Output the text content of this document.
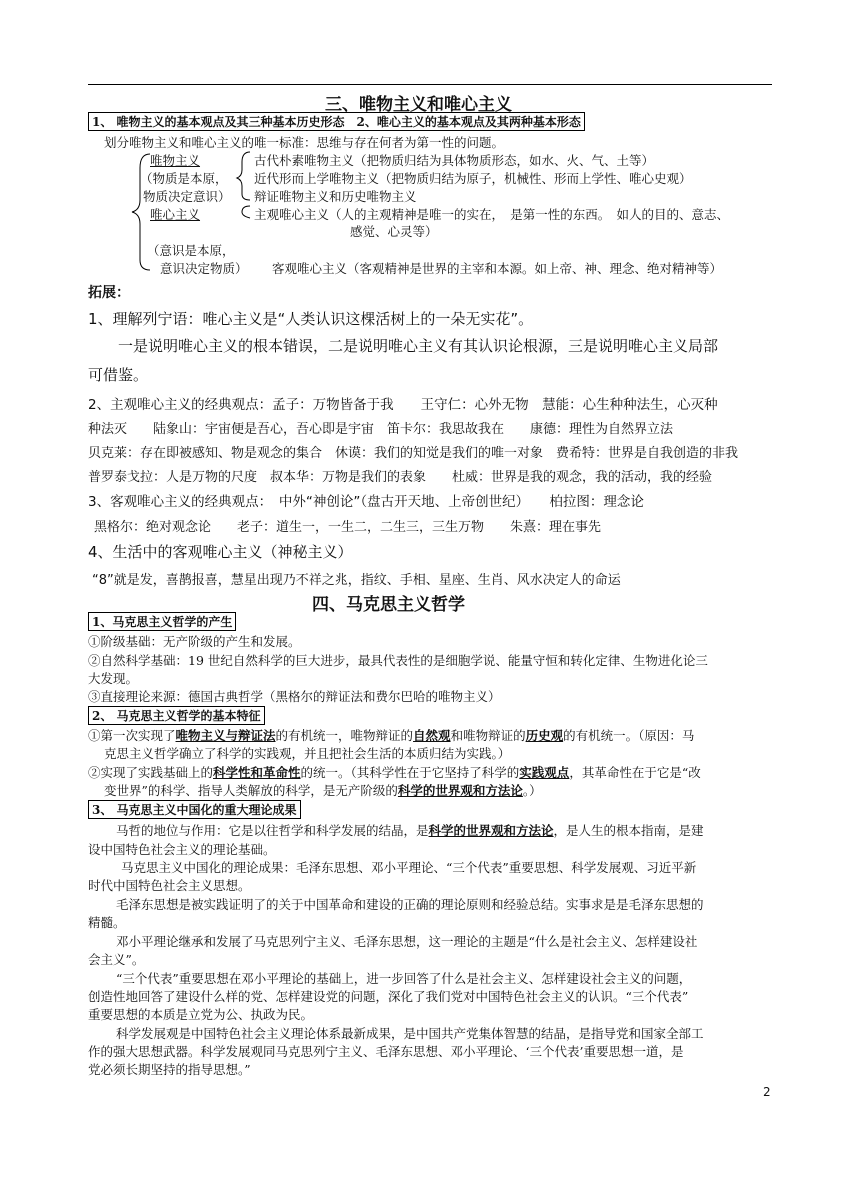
三、唯物主义和唯心主义
1、 唯物主义的基本观点及其三种基本历史形态　2、唯心主义的基本观点及其两种基本形态
划分唯物主义和唯心主义的唯一标准：思维与存在何者为第一性的问题。
唯物主义
（物质是本原，
物质决定意识）
唯心主义
（意识是本原，
意识决定物质）
古代朴素唯物主义（把物质归结为具体物质形态，如水、火、气、土等）
近代形而上学唯物主义（把物质归结为原子，机械性、形而上学性、唯心史观）
辩证唯物主义和历史唯物主义
主观唯心主义（人的主观精神是唯一的实在，　是第一性的东西。　如人的目的、意志、
感觉、心灵等）
客观唯心主义（客观精神是世界的主宰和本源。如上帝、神、理念、绝对精神等）
拓展：
1、理解列宁语：唯心主义是“人类认识这棵活树上的一朵无实花”。
一是说明唯心主义的根本错误，二是说明唯心主义有其认识论根源，三是说明唯心主义局部
可借鉴。
2、主观唯心主义的经典观点：孟子：万物皆备于我　　王守仁：心外无物　慧能：心生种种法生，心灭种
种法灭　　陆象山：宇宙便是吾心，吾心即是宇宙　笛卡尔：我思故我在　　康德：理性为自然界立法
贝克莱：存在即被感知、物是观念的集合　休谟：我们的知觉是我们的唯一对象　费希特：世界是自我创造的非我
普罗泰戈拉：人是万物的尺度　叔本华：万物是我们的表象　　杜威：世界是我的观念，我的活动，我的经验
3、客观唯心主义的经典观点：　中外“神创论”（盘古开天地、上帝创世纪）　　柏拉图：理念论
黑格尔：绝对观念论　　老子：道生一，一生二，二生三，三生万物　　朱熹：理在事先
4、生活中的客观唯心主义（神秘主义）
“8”就是发，喜鹊报喜，慧星出现乃不祥之兆，指纹、手相、星座、生肖、风水决定人的命运
四、马克思主义哲学
1、马克思主义哲学的产生
①阶级基础：无产阶级的产生和发展。
②自然科学基础：19 世纪自然科学的巨大进步，最具代表性的是细胞学说、能量守恒和转化定律、生物进化论三
大发现。
③直接理论来源：德国古典哲学（黑格尔的辩证法和费尔巴哈的唯物主义）
2、 马克思主义哲学的基本特征
①第一次实现了唯物主义与辩证法的有机统一，唯物辩证的自然观和唯物辩证的历史观的有机统一。（原因：马
克思主义哲学确立了科学的实践观，并且把社会生活的本质归结为实践。）
②实现了实践基础上的科学性和革命性的统一。（其科学性在于它坚持了科学的实践观点，其革命性在于它是“改
变世界”的科学、指导人类解放的科学，是无产阶级的科学的世界观和方法论。）
3、 马克思主义中国化的重大理论成果
马哲的地位与作用：它是以往哲学和科学发展的结晶，是科学的世界观和方法论，是人生的根本指南，是建
设中国特色社会主义的理论基础。
马克思主义中国化的理论成果：毛泽东思想、邓小平理论、“三个代表”重要思想、科学发展观、习近平新
时代中国特色社会主义思想。
毛泽东思想是被实践证明了的关于中国革命和建设的正确的理论原则和经验总结。实事求是是毛泽东思想的
精髓。
邓小平理论继承和发展了马克思列宁主义、毛泽东思想，这一理论的主题是“什么是社会主义、怎样建设社
会主义”。
“三个代表”重要思想在邓小平理论的基础上，进一步回答了什么是社会主义、怎样建设社会主义的问题，
创造性地回答了建设什么样的党、怎样建设党的问题，深化了我们党对中国特色社会主义的认识。“三个代表”
重要思想的本质是立党为公、执政为民。
科学发展观是中国特色社会主义理论体系最新成果，是中国共产党集体智慧的结晶，是指导党和国家全部工
作的强大思想武器。科学发展观同马克思列宁主义、毛泽东思想、邓小平理论、‘三个代表’重要思想一道，是
党必须长期坚持的指导思想。”
2
